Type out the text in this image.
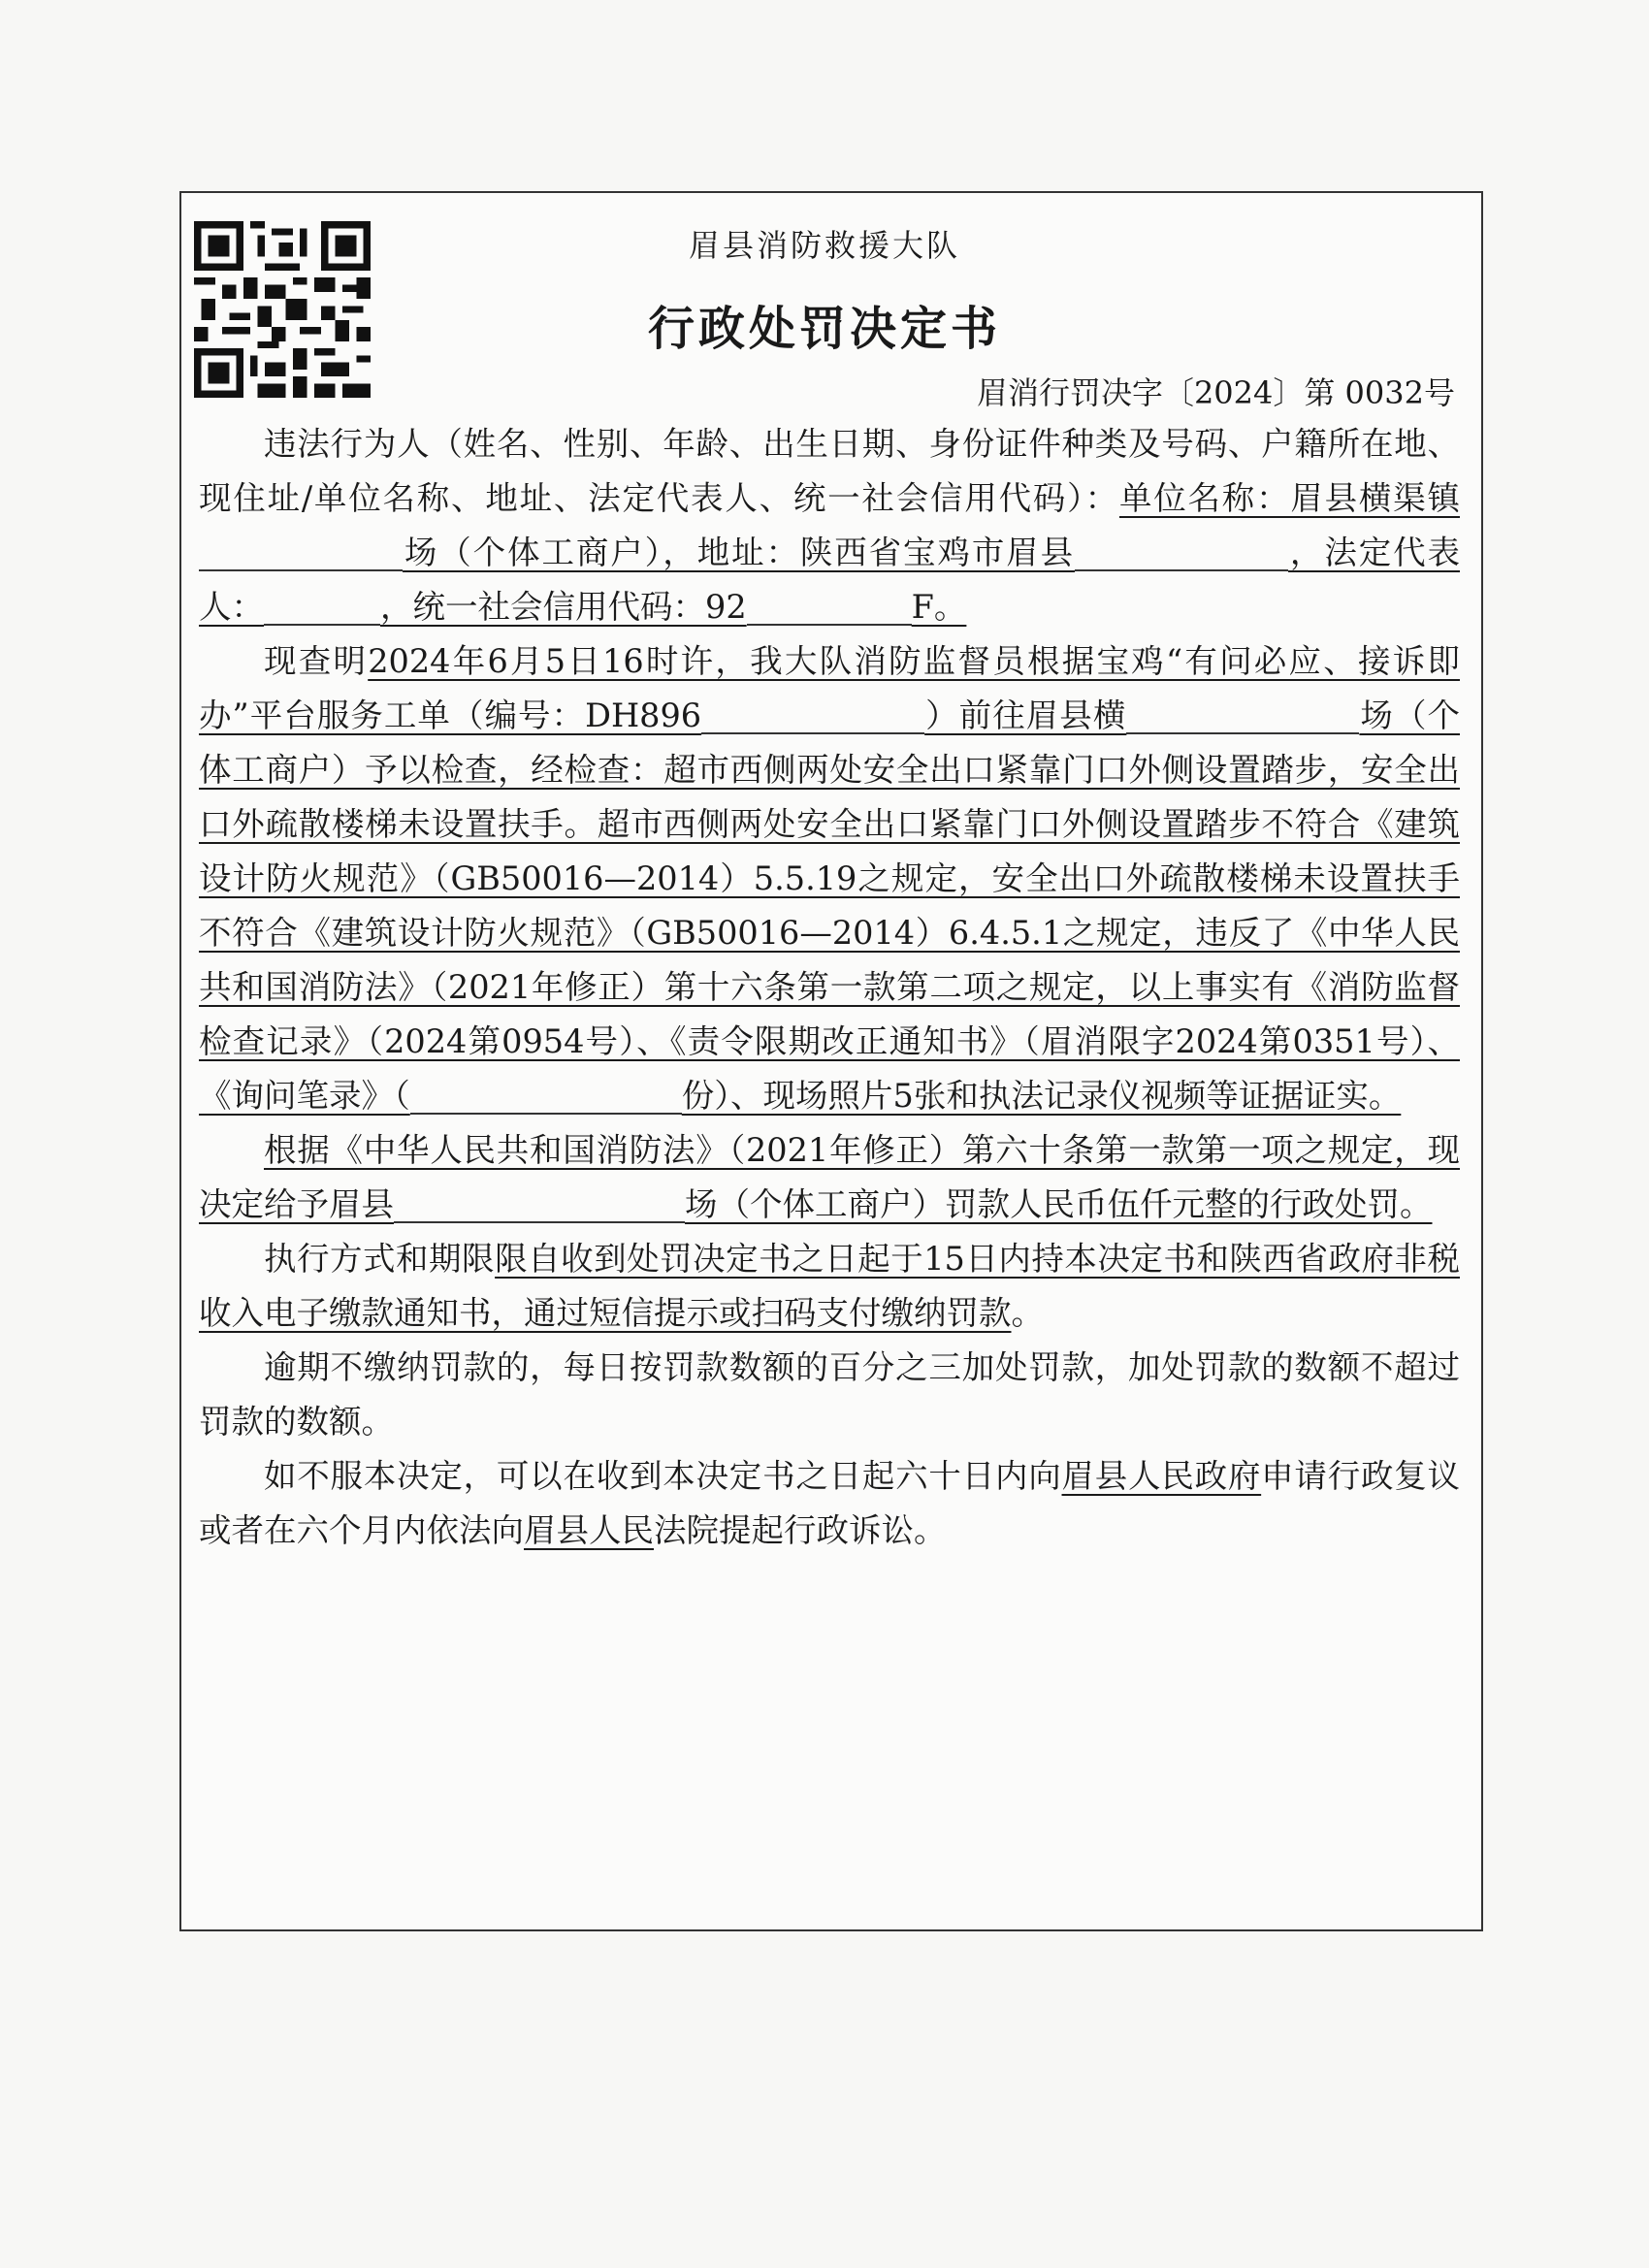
眉县消防救援大队
行政处罚决定书
眉消行罚决字〔2024〕第 0032号

违法行为人（姓名、性别、年龄、出生日期、身份证件种类及号码、户籍所在地、现住址/单位名称、地址、法定代表人、统一社会信用代码）：单位名称：眉县横渠镇场（个体工商户），地址：陕西省宝鸡市眉县	，法定代表人：	，统一社会信用代码：92	F。

现查明2024年6月5日16时许，我大队消防监督员根据宝鸡“有问必应、接诉即办”平台服务工单（编号：DH896	）前往眉县横	场（个体工商户）予以检查，经检查：超市西侧两处安全出口紧靠门口外侧设置踏步，安全出口外疏散楼梯未设置扶手。超市西侧两处安全出口紧靠门口外侧设置踏步不符合《建筑设计防火规范》（GB50016—2014）5.5.19之规定，安全出口外疏散楼梯未设置扶手不符合《建筑设计防火规范》（GB50016—2014）6.4.5.1之规定，违反了《中华人民共和国消防法》（2021年修正）第十六条第一款第二项之规定，以上事实有《消防监督检查记录》（2024第0954号）、《责令限期改正通知书》（眉消限字2024第0351号）、《询问笔录》（	份）、现场照片5张和执法记录仪视频等证据证实。

根据《中华人民共和国消防法》（2021年修正）第六十条第一款第一项之规定，现决定给予眉县	场（个体工商户）罚款人民币伍仟元整的行政处罚。

执行方式和期限限自收到处罚决定书之日起于15日内持本决定书和陕西省政府非税收入电子缴款通知书，通过短信提示或扫码支付缴纳罚款。

逾期不缴纳罚款的，每日按罚款数额的百分之三加处罚款，加处罚款的数额不超过罚款的数额。

如不服本决定，可以在收到本决定书之日起六十日内向眉县人民政府申请行政复议或者在六个月内依法向眉县人民法院提起行政诉讼。
